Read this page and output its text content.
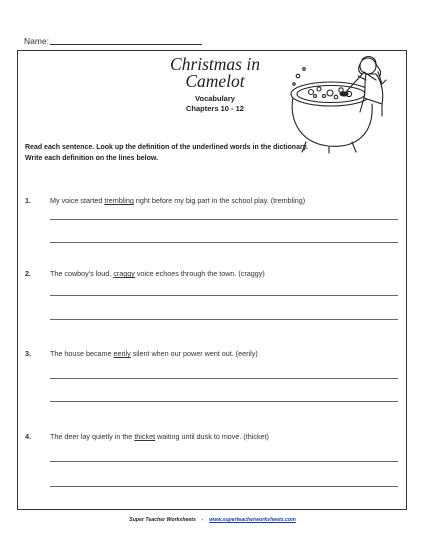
Name:
Christmas in
Camelot
Vocabulary
Chapters 10 - 12
Read each sentence. Look up the definition of the underlined words in the dictionary. Write each definition on the lines below.
1.	My voice started trembling right before my big part in the school play. (trembling)
2.	The cowboy's loud, craggy voice echoes through the town. (craggy)
3.	The house became eerily silent when our power went out. (eerily)
4.	The deer lay quietly in the thicket waiting until dusk to move. (thicket)
Super Teacher Worksheets - www.superteacherworksheets.com
